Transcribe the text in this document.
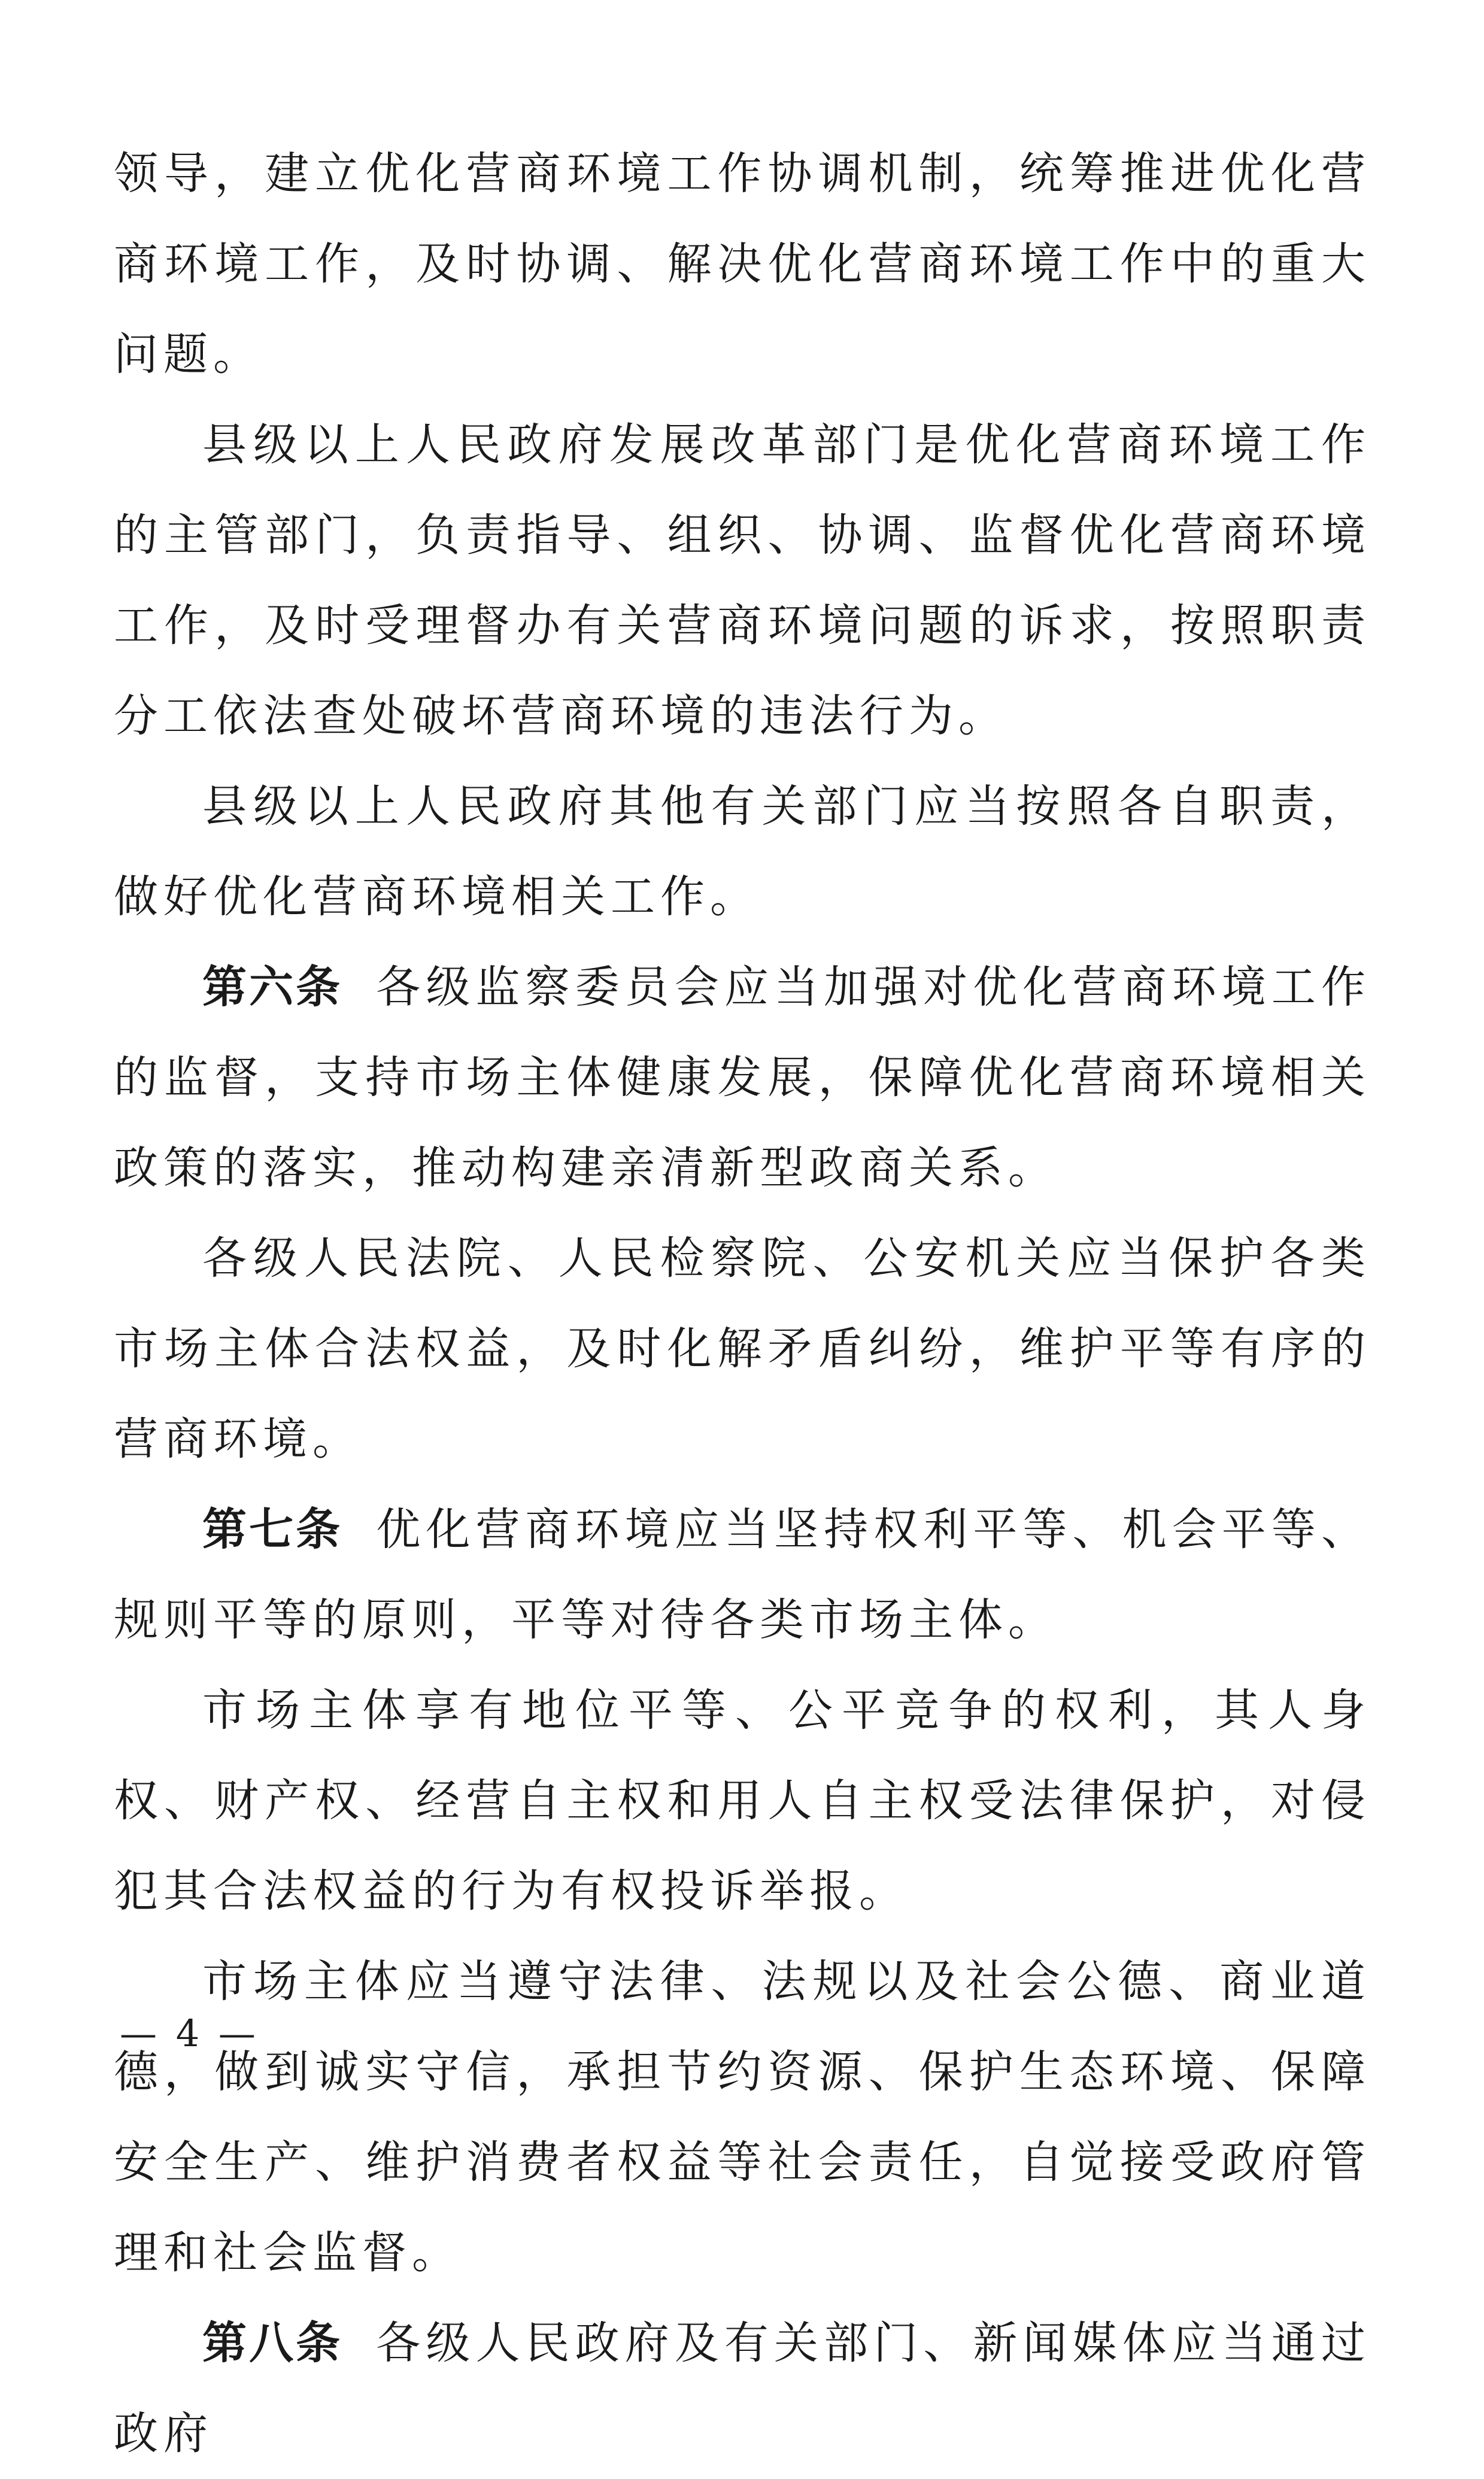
领导，建立优化营商环境工作协调机制，统筹推进优化营商环境工作，及时协调、解决优化营商环境工作中的重大问题。

县级以上人民政府发展改革部门是优化营商环境工作的主管部门，负责指导、组织、协调、监督优化营商环境工作，及时受理督办有关营商环境问题的诉求，按照职责分工依法查处破坏营商环境的违法行为。

县级以上人民政府其他有关部门应当按照各自职责，做好优化营商环境相关工作。

第六条 各级监察委员会应当加强对优化营商环境工作的监督，支持市场主体健康发展，保障优化营商环境相关政策的落实，推动构建亲清新型政商关系。

各级人民法院、人民检察院、公安机关应当保护各类市场主体合法权益，及时化解矛盾纠纷，维护平等有序的营商环境。

第七条 优化营商环境应当坚持权利平等、机会平等、规则平等的原则，平等对待各类市场主体。

市场主体享有地位平等、公平竞争的权利，其人身权、财产权、经营自主权和用人自主权受法律保护，对侵犯其合法权益的行为有权投诉举报。

市场主体应当遵守法律、法规以及社会公德、商业道德，做到诚实守信，承担节约资源、保护生态环境、保障安全生产、维护消费者权益等社会责任，自觉接受政府管理和社会监督。

第八条 各级人民政府及有关部门、新闻媒体应当通过政府

— 4 —
